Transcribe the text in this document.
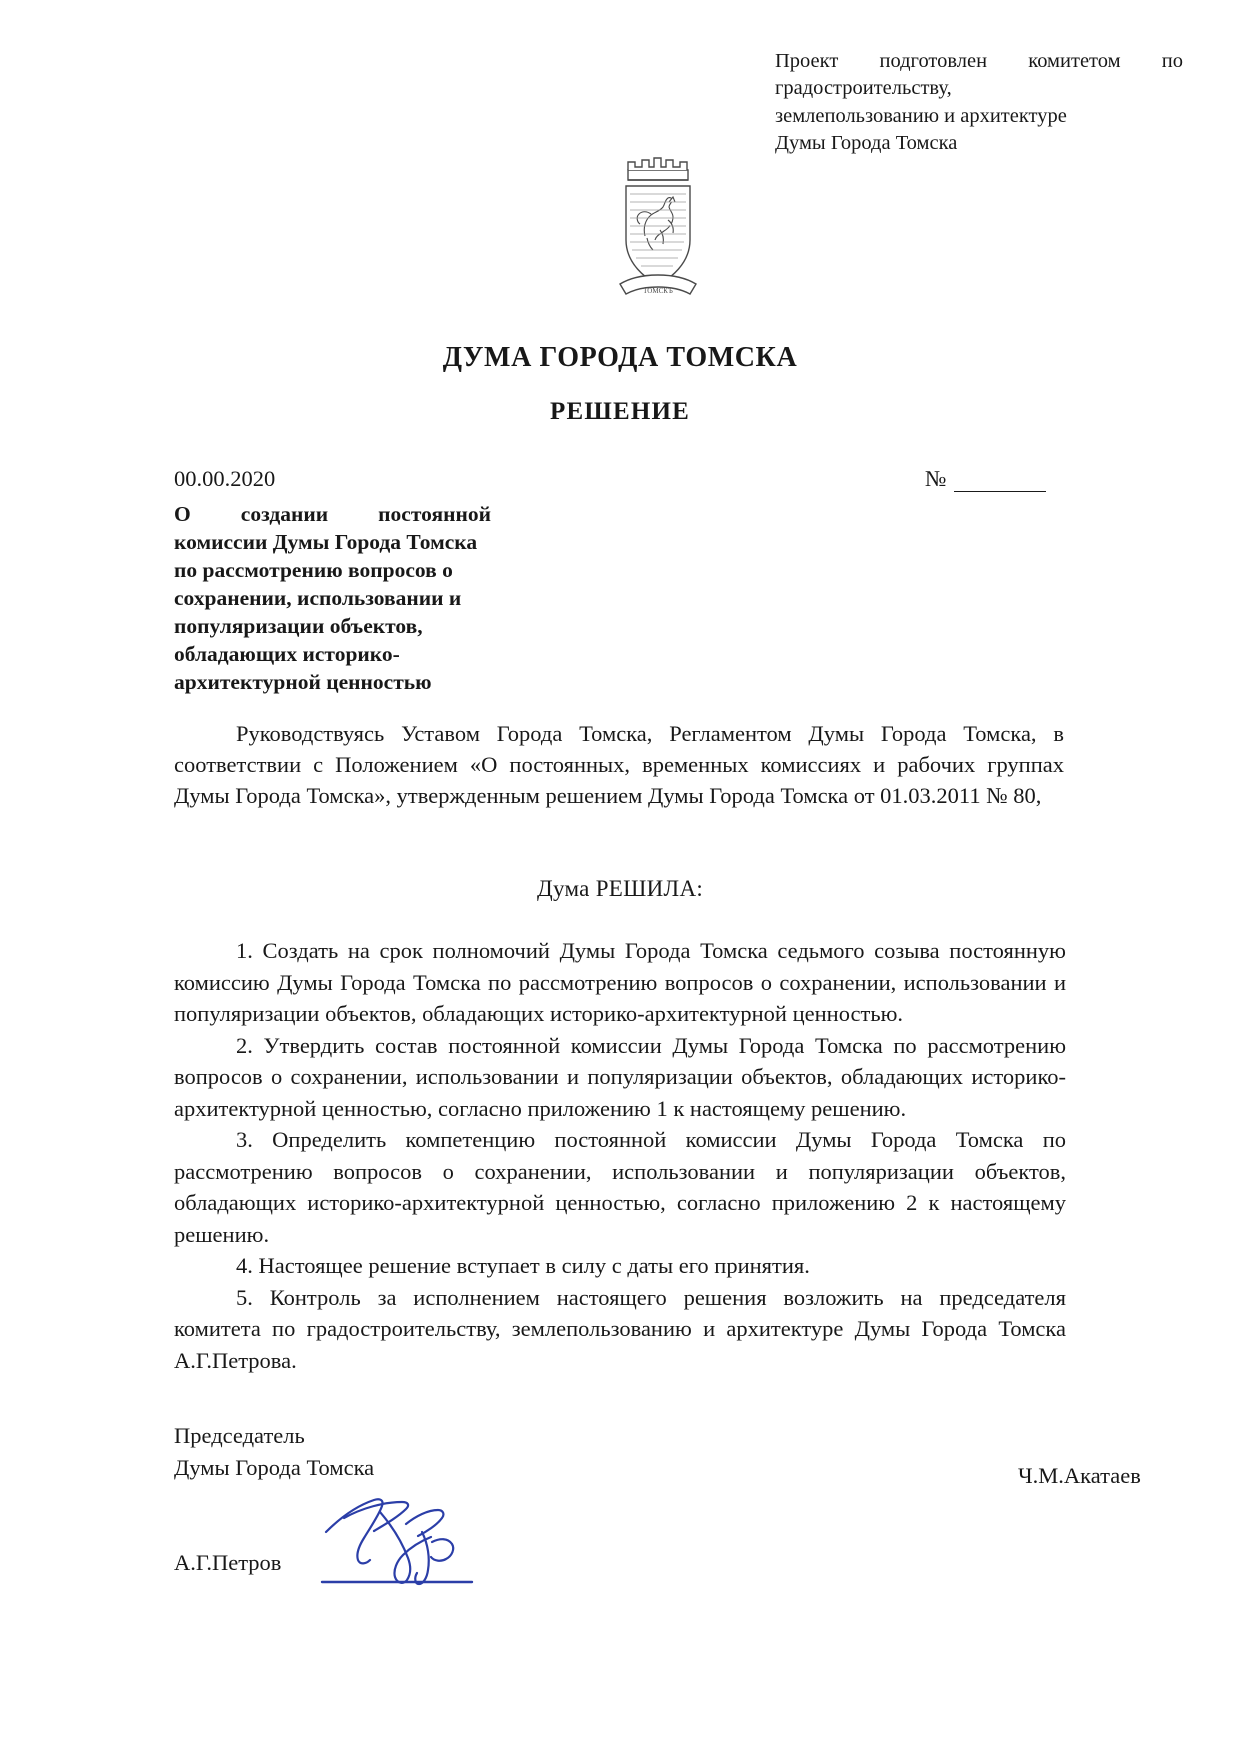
Проект подготовлен комитетом по градостроительству,
землепользованию и архитектуре
Думы Города Томска
ТОМСКЪ
ДУМА ГОРОДА ТОМСКА
РЕШЕНИЕ
00.00.2020	№

О создании постоянной комиссии Думы Города Томска

по рассмотрению вопросов о сохранении, использовании и популяризации объектов, обладающих историко-архитектурной ценностью

Руководствуясь Уставом Города Томска, Регламентом Думы Города Томска, в соответствии с Положением «О постоянных, временных комиссиях и рабочих группах Думы Города Томска», утвержденным решением Думы Города Томска от 01.03.2011 № 80,

Дума РЕШИЛА:

1. Создать на срок полномочий Думы Города Томска седьмого созыва постоянную комиссию Думы Города Томска по рассмотрению вопросов о сохранении, использовании и популяризации объектов, обладающих историко-архитектурной ценностью.

2. Утвердить состав постоянной комиссии Думы Города Томска по рассмотрению вопросов о сохранении, использовании и популяризации объектов, обладающих историко-архитектурной ценностью, согласно приложению 1 к настоящему решению.

3. Определить компетенцию постоянной комиссии Думы Города Томска по рассмотрению вопросов о сохранении, использовании и популяризации объектов, обладающих историко-архитектурной ценностью, согласно приложению 2 к настоящему решению.

4. Настоящее решение вступает в силу с даты его принятия.

5. Контроль за исполнением настоящего решения возложить на председателя комитета по градостроительству, землепользованию и архитектуре Думы Города Томска А.Г.Петрова.

Председатель
Думы Города Томска	Ч.М.Акатаев
А.Г.Петров
